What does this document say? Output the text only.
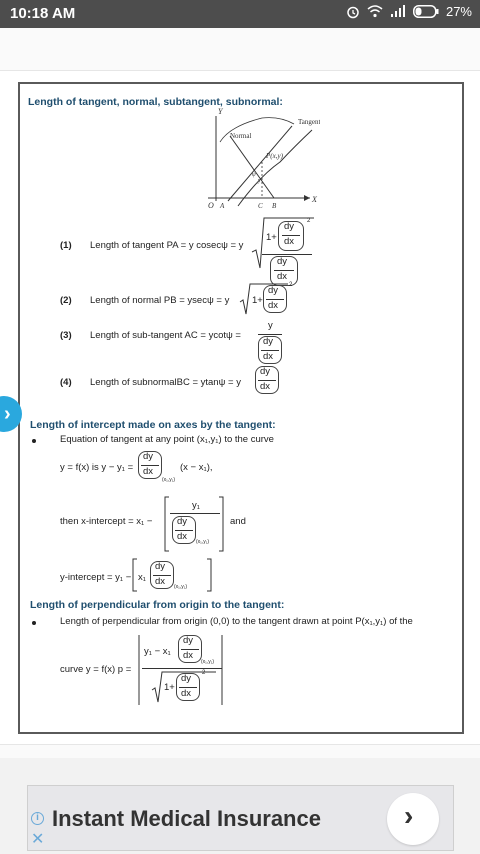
10:18 AM	27%
Length of tangent, normal, subtangent, subnormal:
Y
X
O A	C B
Normal
Tangent
P(x,y)
ψ
y
(1) Length of tangent PA = y cosecψ = y
1+
dy
dx
2
dy
dx
(2) Length of normal PB = ysecψ = y 1+
dy
dx
2
(3) Length of sub-tangent AC = ycotψ =
y
dy
dx
(4) Length of subnormalBC = ytanψ = y
dy
dx
Length of intercept made on axes by the tangent:
Equation of tangent at any point (x₁,y₁) to the curve
y = f(x) is y − y₁ =
dy
dx
(x₁,y₁)
(x − x₁),
then x-intercept = x₁ −
y₁
dy
dx (x₁,y₁)
and
y-intercept = y₁ − x₁
dy
dx (x₁,y₁)
Length of perpendicular from origin to the tangent:
Length of perpendicular from origin (0,0) to the tangent drawn at point P(x₁,y₁) of the
curve y = f(x) p =
y₁ − x₁
dy
dx
(x₁,y₁)
1+
dy
dx
2
›
i
✕
Instant Medical Insurance	›
